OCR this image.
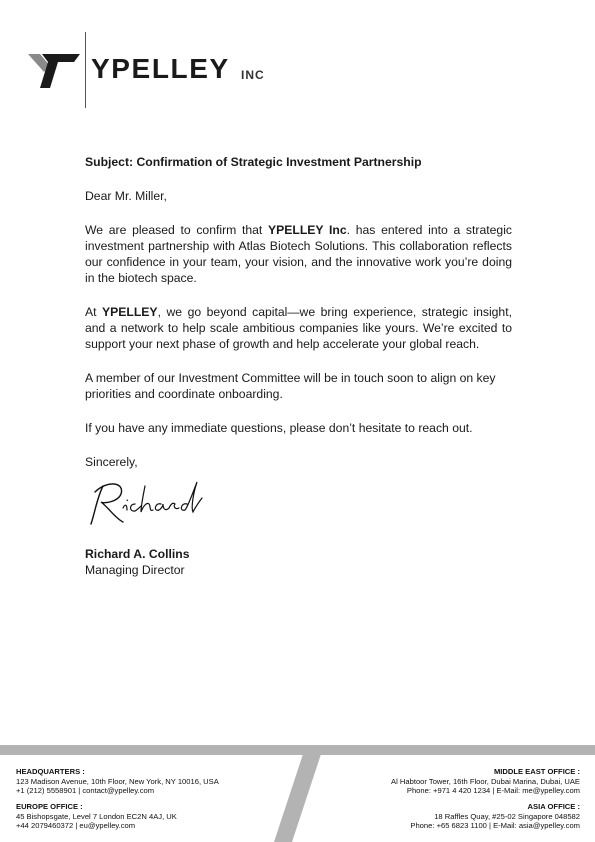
YPELLEY INC

Subject: Confirmation of Strategic Investment Partnership

Dear Mr. Miller,

We are pleased to confirm that YPELLEY Inc. has entered into a strategic investment partnership with Atlas Biotech Solutions. This collaboration reflects our confidence in your team, your vision, and the innovative work you’re doing in the biotech space.

At YPELLEY, we go beyond capital—we bring experience, strategic insight, and a network to help scale ambitious companies like yours. We’re excited to support your next phase of growth and help accelerate your global reach.

A member of our Investment Committee will be in touch soon to align on key priorities and coordinate onboarding.

If you have any immediate questions, please don’t hesitate to reach out.

Sincerely,

Richard A. Collins
Managing Director
HEADQUARTERS :
123 Madison Avenue, 10th Floor, New York, NY 10016, USA
+1 (212) 5558901 | contact@ypelley.com
EUROPE OFFICE :
45 Bishopsgate, Level 7 London EC2N 4AJ, UK
+44 2079460372 | eu@ypelley.com
MIDDLE EAST OFFICE :
Al Habtoor Tower, 16th Floor, Dubai Marina, Dubai, UAE
Phone: +971 4 420 1234 | E-Mail: me@ypelley.com
ASIA OFFICE :
18 Raffles Quay, #25-02 Singapore 048582
Phone: +65 6823 1100 | E-Mail: asia@ypelley.com
